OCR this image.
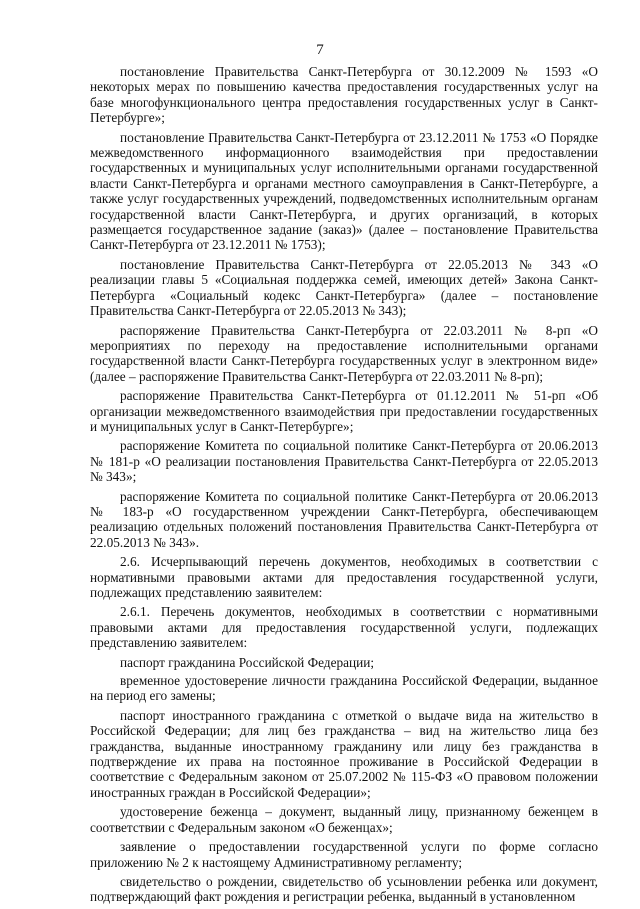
7

постановление Правительства Санкт-Петербурга от 30.12.2009 № 1593 «О некоторых мерах по повышению качества предоставления государственных услуг на базе многофункционального центра предоставления государственных услуг в Санкт-Петербурге»;

постановление Правительства Санкт-Петербурга от 23.12.2011 № 1753 «О Порядке межведомственного информационного взаимодействия при предоставлении государственных и муниципальных услуг исполнительными органами государственной власти Санкт-Петербурга и органами местного самоуправления в Санкт-Петербурге, а также услуг государственных учреждений, подведомственных исполнительным органам государственной власти Санкт-Петербурга, и других организаций, в которых размещается государственное задание (заказ)» (далее – постановление Правительства Санкт-Петербурга от 23.12.2011 № 1753);

постановление Правительства Санкт-Петербурга от 22.05.2013 № 343 «О реализации главы 5 «Социальная поддержка семей, имеющих детей» Закона Санкт-Петербурга «Социальный кодекс Санкт-Петербурга» (далее – постановление Правительства Санкт-Петербурга от 22.05.2013 № 343);

распоряжение Правительства Санкт-Петербурга от 22.03.2011 № 8-рп «О мероприятиях по переходу на предоставление исполнительными органами государственной власти Санкт-Петербурга государственных услуг в электронном виде» (далее – распоряжение Правительства Санкт-Петербурга от 22.03.2011 № 8-рп);

распоряжение Правительства Санкт-Петербурга от 01.12.2011 № 51-рп «Об организации межведомственного взаимодействия при предоставлении государственных и муниципальных услуг в Санкт-Петербурге»;

распоряжение Комитета по социальной политике Санкт-Петербурга от 20.06.2013 № 181-р «О реализации постановления Правительства Санкт-Петербурга от 22.05.2013 № 343»;

распоряжение Комитета по социальной политике Санкт-Петербурга от 20.06.2013 № 183-р «О государственном учреждении Санкт-Петербурга, обеспечивающем реализацию отдельных положений постановления Правительства Санкт-Петербурга от 22.05.2013 № 343».

2.6. Исчерпывающий перечень документов, необходимых в соответствии с нормативными правовыми актами для предоставления государственной услуги, подлежащих представлению заявителем:

2.6.1. Перечень документов, необходимых в соответствии с нормативными правовыми актами для предоставления государственной услуги, подлежащих представлению заявителем:

паспорт гражданина Российской Федерации;

временное удостоверение личности гражданина Российской Федерации, выданное на период его замены;

паспорт иностранного гражданина с отметкой о выдаче вида на жительство в Российской Федерации; для лиц без гражданства – вид на жительство лица без гражданства, выданные иностранному гражданину или лицу без гражданства в подтверждение их права на постоянное проживание в Российской Федерации в соответствие с Федеральным законом от 25.07.2002 № 115-ФЗ «О правовом положении иностранных граждан в Российской Федерации»;

удостоверение беженца – документ, выданный лицу, признанному беженцем в соответствии с Федеральным законом «О беженцах»;

заявление о предоставлении государственной услуги по форме согласно приложению № 2 к настоящему Административному регламенту;

свидетельство о рождении, свидетельство об усыновлении ребенка или документ, подтверждающий факт рождения и регистрации ребенка, выданный в установленном
